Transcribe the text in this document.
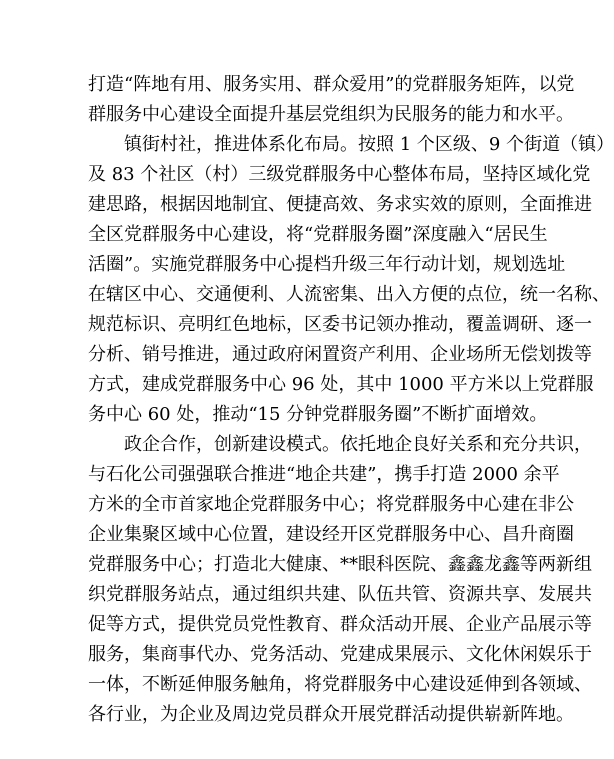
打造“阵地有用、服务实用、群众爱用”的党群服务矩阵，以党
群服务中心建设全面提升基层党组织为民服务的能力和水平。
镇街村社，推进体系化布局。按照 1 个区级、9 个街道（镇）
及 83 个社区（村）三级党群服务中心整体布局，坚持区域化党
建思路，根据因地制宜、便捷高效、务求实效的原则，全面推进
全区党群服务中心建设，将“党群服务圈”深度融入“居民生
活圈”。实施党群服务中心提档升级三年行动计划，规划选址
在辖区中心、交通便利、人流密集、出入方便的点位，统一名称、
规范标识、亮明红色地标，区委书记领办推动，覆盖调研、逐一
分析、销号推进，通过政府闲置资产利用、企业场所无偿划拨等
方式，建成党群服务中心 96 处，其中 1000 平方米以上党群服
务中心 60 处，推动“15 分钟党群服务圈”不断扩面增效。
政企合作，创新建设模式。依托地企良好关系和充分共识，
与石化公司强强联合推进“地企共建”，携手打造 2000 余平
方米的全市首家地企党群服务中心；将党群服务中心建在非公
企业集聚区域中心位置，建设经开区党群服务中心、昌升商圈
党群服务中心；打造北大健康、**眼科医院、鑫鑫龙鑫等两新组
织党群服务站点，通过组织共建、队伍共管、资源共享、发展共
促等方式，提供党员党性教育、群众活动开展、企业产品展示等
服务，集商事代办、党务活动、党建成果展示、文化休闲娱乐于
一体，不断延伸服务触角，将党群服务中心建设延伸到各领域、
各行业，为企业及周边党员群众开展党群活动提供崭新阵地。
